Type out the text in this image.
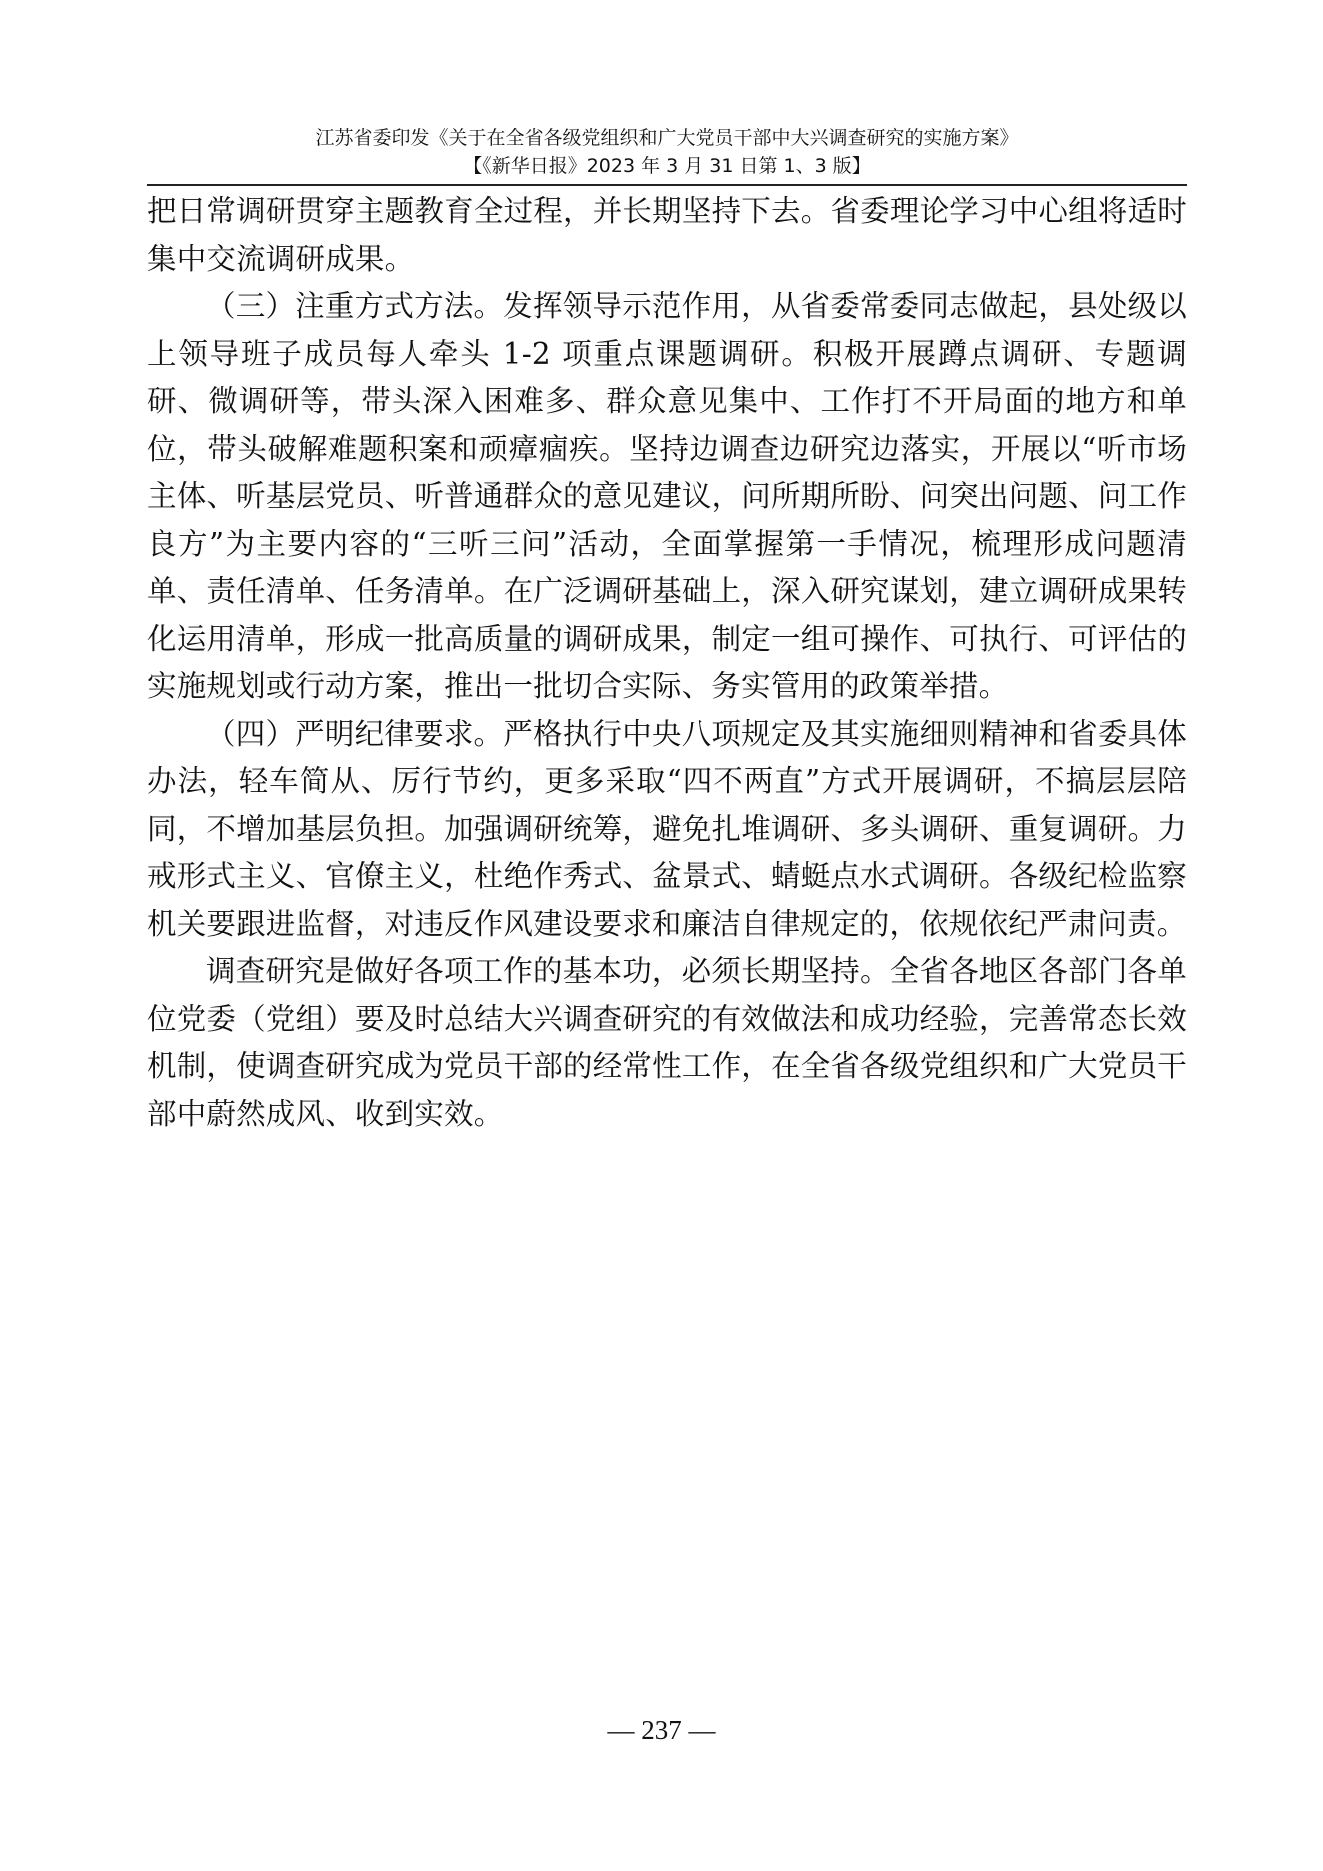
江苏省委印发《关于在全省各级党组织和广大党员干部中大兴调查研究的实施方案》
【《新华日报》2023 年 3 月 31 日第 1、3 版】

把日常调研贯穿主题教育全过程，并长期坚持下去。省委理论学习中心组将适时集中交流调研成果。

（三）注重方式方法。发挥领导示范作用，从省委常委同志做起，县处级以上领导班子成员每人牵头 1-2 项重点课题调研。积极开展蹲点调研、专题调研、微调研等，带头深入困难多、群众意见集中、工作打不开局面的地方和单位，带头破解难题积案和顽瘴痼疾。坚持边调查边研究边落实，开展以“听市场主体、听基层党员、听普通群众的意见建议，问所期所盼、问突出问题、问工作良方”为主要内容的“三听三问”活动，全面掌握第一手情况，梳理形成问题清单、责任清单、任务清单。在广泛调研基础上，深入研究谋划，建立调研成果转化运用清单，形成一批高质量的调研成果，制定一组可操作、可执行、可评估的实施规划或行动方案，推出一批切合实际、务实管用的政策举措。

（四）严明纪律要求。严格执行中央八项规定及其实施细则精神和省委具体办法，轻车简从、厉行节约，更多采取“四不两直”方式开展调研，不搞层层陪同，不增加基层负担。加强调研统筹，避免扎堆调研、多头调研、重复调研。力戒形式主义、官僚主义，杜绝作秀式、盆景式、蜻蜓点水式调研。各级纪检监察机关要跟进监督，对违反作风建设要求和廉洁自律规定的，依规依纪严肃问责。

调查研究是做好各项工作的基本功，必须长期坚持。全省各地区各部门各单位党委（党组）要及时总结大兴调查研究的有效做法和成功经验，完善常态长效机制，使调查研究成为党员干部的经常性工作，在全省各级党组织和广大党员干部中蔚然成风、收到实效。

— 237 —
